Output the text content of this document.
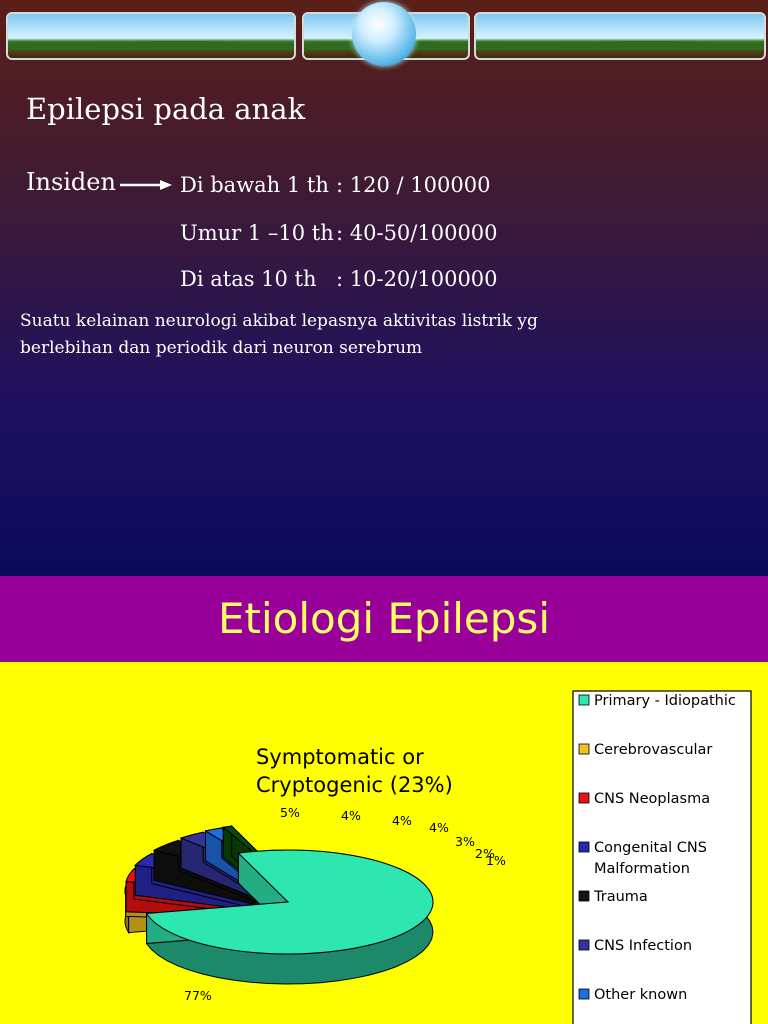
Epilepsi pada anak
Insiden	Di bawah 1 th : 120 / 100000
Umur 1 –10 th : 40-50/100000
Di atas 10 th : 10-20/100000
Suatu kelainan neurologi akibat lepasnya aktivitas listrik yg
berlebihan dan periodik dari neuron serebrum
Etiologi Epilepsi
Symptomatic or
Cryptogenic (23%)
Primary - Idiopathic
Cerebrovascular
CNS Neoplasma
Congenital CNS
Malformation
Trauma
CNS Infection
Other known
77%
5%	4% 4% 4%
3%
2%
1%
